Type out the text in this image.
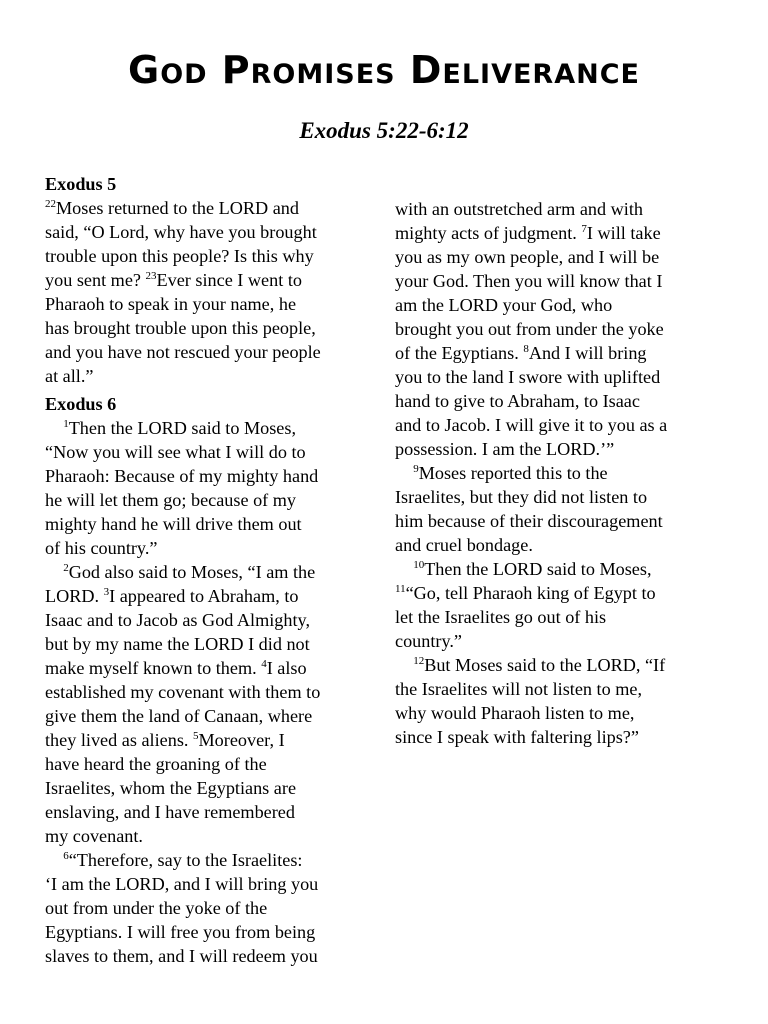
God Promises Deliverance
Exodus 5:22-6:12
Exodus 5
$^{22}$Moses returned to the LORD and
said, “O Lord, why have you brought
trouble upon this people? Is this why
you sent me? $^{23}$Ever since I went to
Pharaoh to speak in your name, he
has brought trouble upon this people,
and you have not rescued your people
at all.”
Exodus 6
$^1$Then the LORD said to Moses,
“Now you will see what I will do to
Pharaoh: Because of my mighty hand
he will let them go; because of my
mighty hand he will drive them out
of his country.”
$^2$God also said to Moses, “I am the
LORD. $^3$I appeared to Abraham, to
Isaac and to Jacob as God Almighty,
but by my name the LORD I did not
make myself known to them. $^4$I also
established my covenant with them to
give them the land of Canaan, where
they lived as aliens. $^5$Moreover, I
have heard the groaning of the
Israelites, whom the Egyptians are
enslaving, and I have remembered
my covenant.
$^6$“Therefore, say to the Israelites:
‘I am the LORD, and I will bring you
out from under the yoke of the
Egyptians. I will free you from being
slaves to them, and I will redeem you
with an outstretched arm and with
mighty acts of judgment. $^7$I will take
you as my own people, and I will be
your God. Then you will know that I
am the LORD your God, who
brought you out from under the yoke
of the Egyptians. $^8$And I will bring
you to the land I swore with uplifted
hand to give to Abraham, to Isaac
and to Jacob. I will give it to you as a
possession. I am the LORD.’”
$^9$Moses reported this to the
Israelites, but they did not listen to
him because of their discouragement
and cruel bondage.
$^{10}$Then the LORD said to Moses,
$^{11}$“Go, tell Pharaoh king of Egypt to
let the Israelites go out of his
country.”
$^{12}$But Moses said to the LORD, “If
the Israelites will not listen to me,
why would Pharaoh listen to me,
since I speak with faltering lips?”
